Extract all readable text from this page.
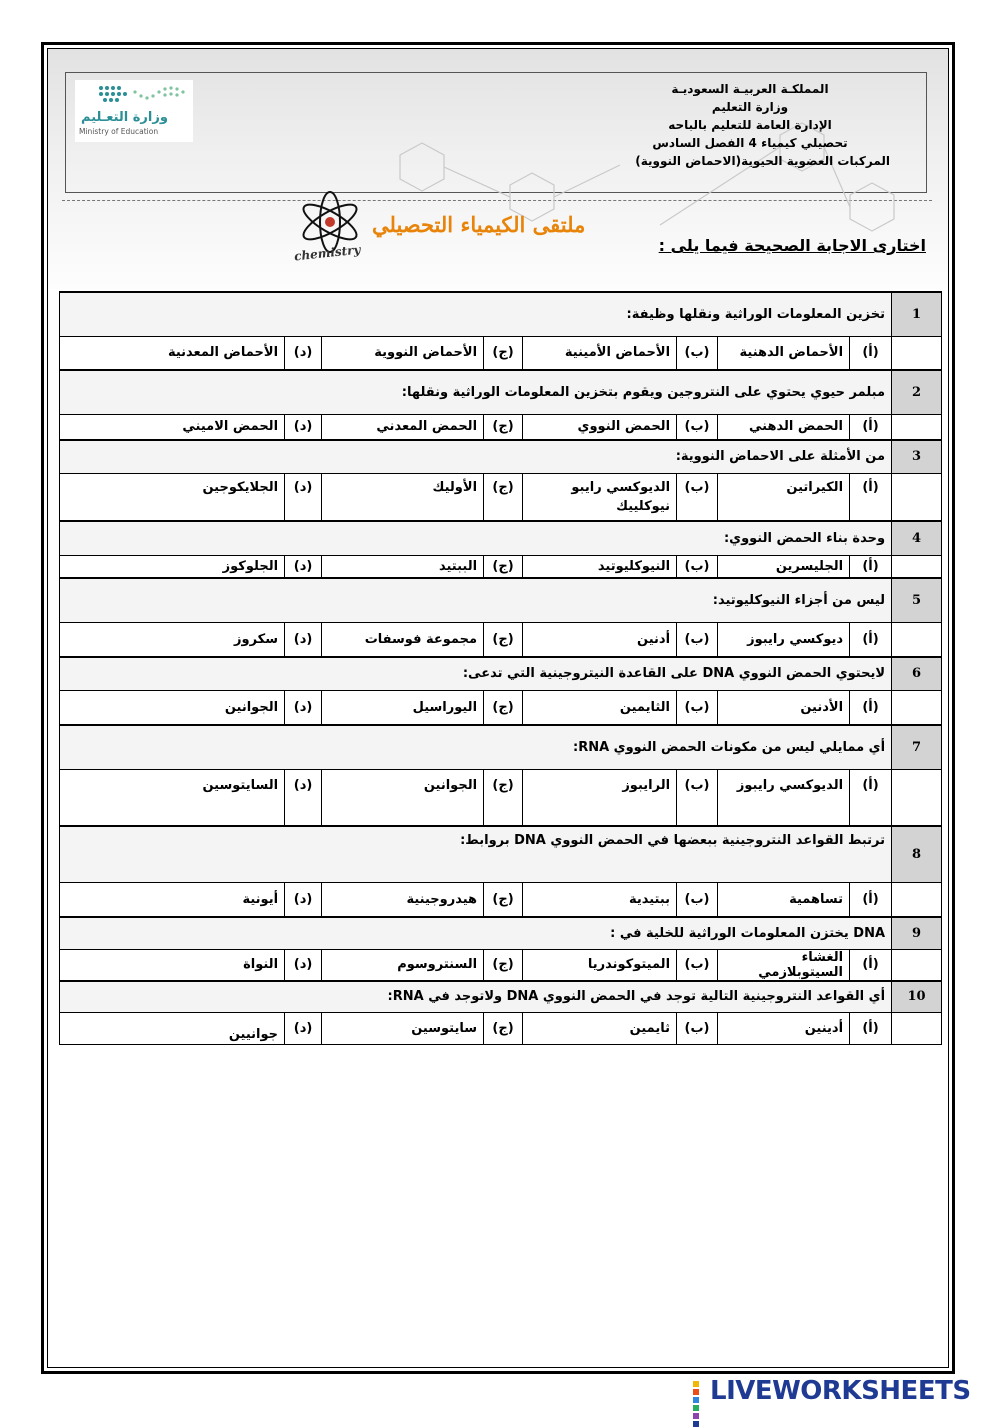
المملكـة العربيـة السعوديـة
وزارة التعليم
الإدارة العامة للتعليم بالباحه
تحصيلي كيمياء 4 الفصل السادس
المركبات العضوية الحيوية(الاحماض النووية)
وزارة التعـليم
Ministry of Education
ملتقى الكيمياء التحصيلي
chemistry	اختارى الاجابة الصحيحة فيما يلى :
1	تخزين المعلومات الوراثية ونقلها وظيفة:							
	(أ)	الأحماض الدهنية	(ب)	الأحماض الأمينية	(ج)	الأحماض النووية	(د)	الأحماض المعدنية
2	مبلمر حيوي يحتوي على النتروجين ويقوم بتخزين المعلومات الوراثية ونقلها:							
	(أ)	الحمض الدهني	(ب)	الحمض النووي	(ج)	الحمض المعدني	(د)	الحمض الاميني
3	من الأمثلة على الاحماض النووية:							
	(أ)	الكيراتين	(ب)	الديوكسي رايبو نيوكلييك	(ج)	الأوليك	(د)	الجلايكوجين
4	وحدة بناء الحمض النووي:							
	(أ)	الجليسرين	(ب)	النيوكليوتيد	(ج)	الببتيد	(د)	الجلوكوز
5	ليس من أجزاء النيوكليوتيد:							
	(أ)	ديوكسي رايبوز	(ب)	أدنين	(ج)	مجموعة فوسفات	(د)	سكروز
6	لايحتوي الحمض النووي DNA على القاعدة النيتروجينية التي تدعى:							
	(أ)	الأدنين	(ب)	الثايمين	(ج)	اليوراسيل	(د)	الجوانين
7	أي ممايلي ليس من مكونات الحمض النووي RNA:							
	(أ)	الديوكسي رايبوز	(ب)	الرايبوز	(ج)	الجوانين	(د)	السايتوسين
8	ترتبط القواعد النتروجينية ببعضها في الحمض النووي DNA بروابط:							
	(أ)	تساهمية	(ب)	ببتيدية	(ج)	هيدروجينية	(د)	أيونية
9	DNA يختزن المعلومات الوراثية للخلية في :							
	(أ)	الغشاء السيتوبلازمي	(ب)	الميتوكوندريا	(ج)	السنتروسوم	(د)	النواة
10	أي القواعد النتروجينية التالية توجد في الحمض النووي DNA ولاتوجد في RNA:							
	(أ)	أدينين	(ب)	ثايمين	(ج)	سايتوسين	(د)	جوانيين
LIVEWORKSHEETS
